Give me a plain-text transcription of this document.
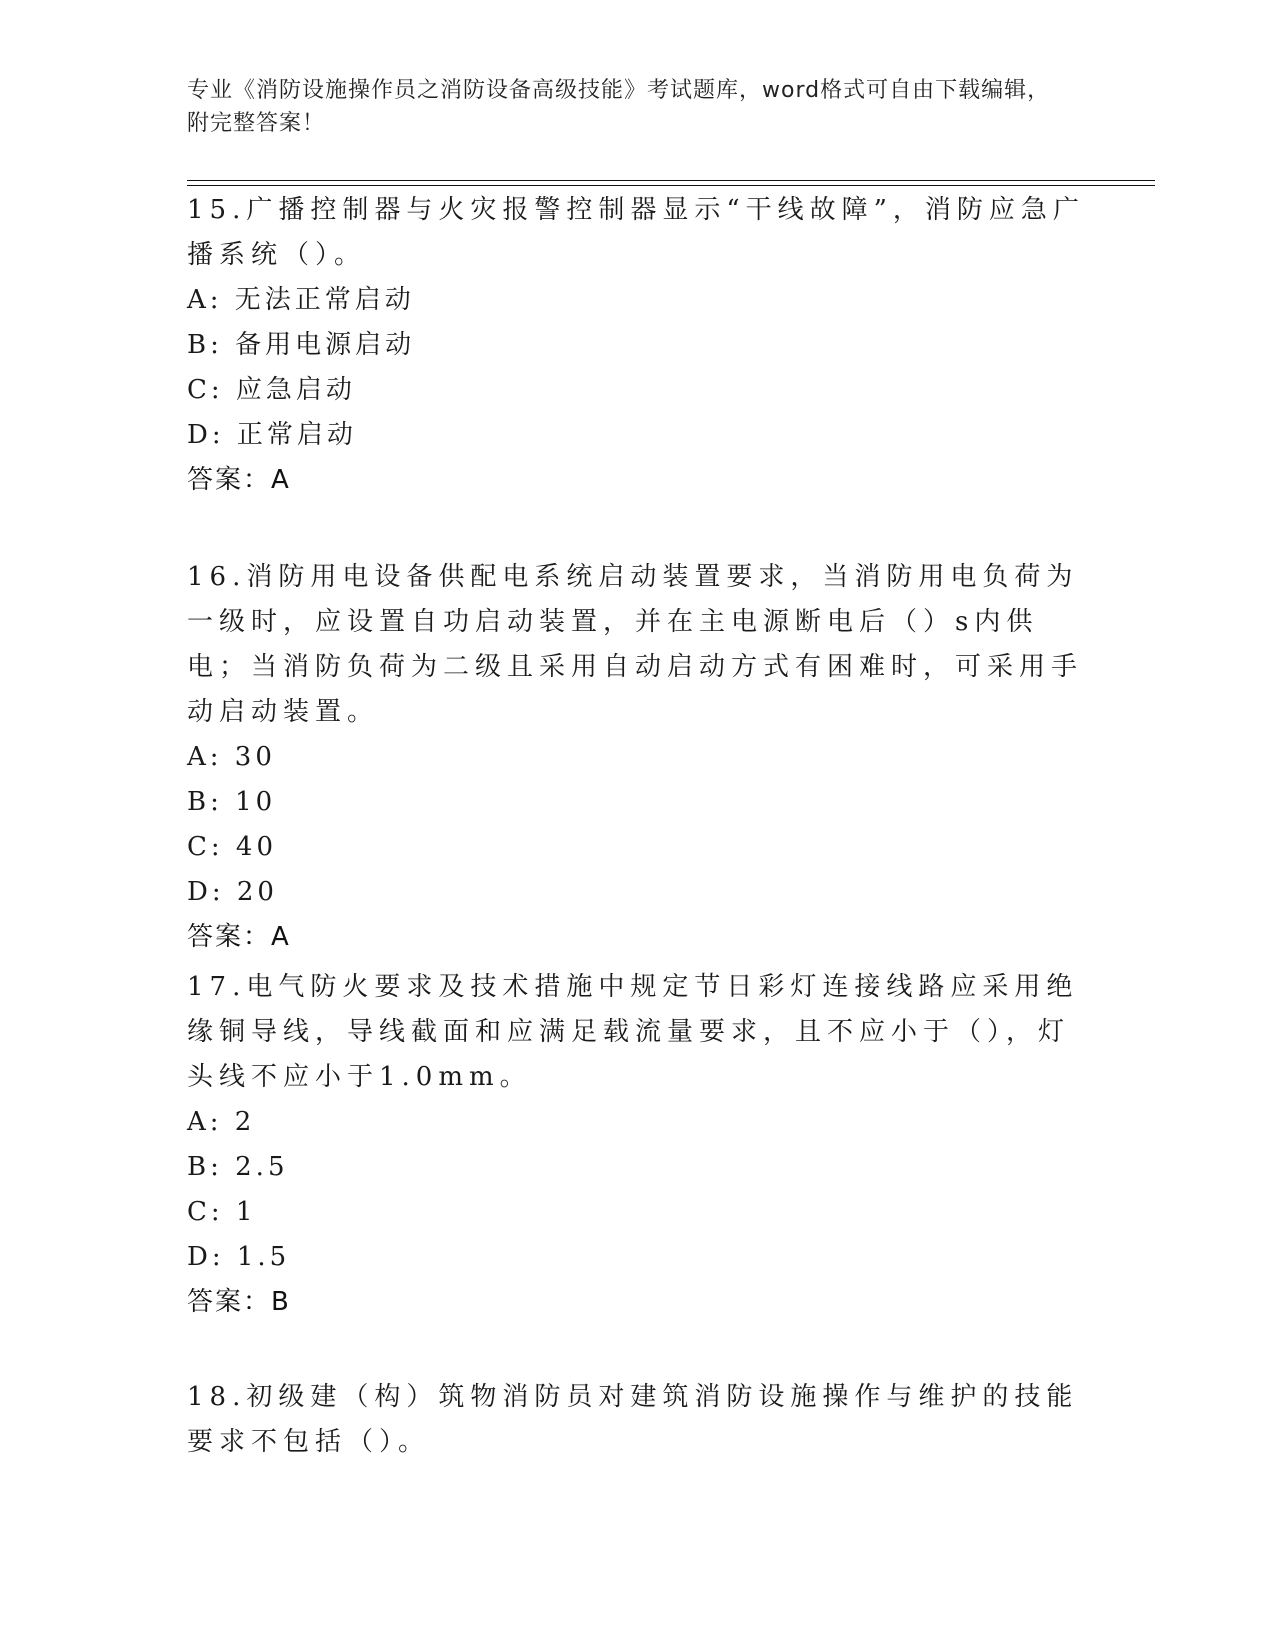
专业《消防设施操作员之消防设备高级技能》考试题库，word格式可自由下载编辑，附完整答案！
15.广播控制器与火灾报警控制器显示“干线故障”，消防应急广播系统（）。
A: 无法正常启动
B: 备用电源启动
C: 应急启动
D: 正常启动
答案：A
16.消防用电设备供配电系统启动装置要求，当消防用电负荷为一级时，应设置自功启动装置，并在主电源断电后（）s内供电；当消防负荷为二级且采用自动启动方式有困难时，可采用手动启动装置。
A: 30
B: 10
C: 40
D: 20
答案：A
17.电气防火要求及技术措施中规定节日彩灯连接线路应采用绝缘铜导线，导线截面和应满足载流量要求，且不应小于（），灯头线不应小于1.0mm。
A: 2
B: 2.5
C: 1
D: 1.5
答案：B
18.初级建（构）筑物消防员对建筑消防设施操作与维护的技能要求不包括（）。
